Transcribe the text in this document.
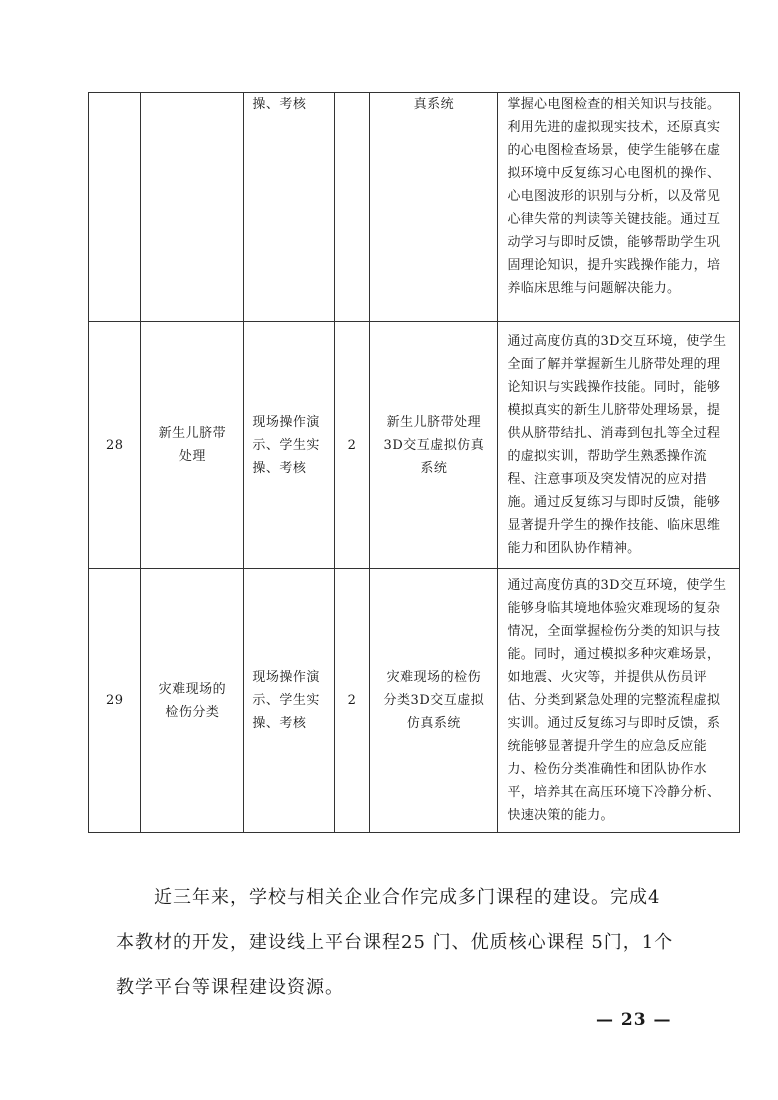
		操、考核		真系统	掌握心电图检查的相关知识与技能。利用先进的虚拟现实技术，还原真实的心电图检查场景，使学生能够在虚拟环境中反复练习心电图机的操作、心电图波形的识别与分析，以及常见心律失常的判读等关键技能。通过互动学习与即时反馈，能够帮助学生巩固理论知识，提升实践操作能力，培养临床思维与问题解决能力。

28	新生儿脐带处理	现场操作演示、学生实操、考核	2	新生儿脐带处理3D交互虚拟仿真系统	通过高度仿真的3D交互环境，使学生全面了解并掌握新生儿脐带处理的理论知识与实践操作技能。同时，能够模拟真实的新生儿脐带处理场景，提供从脐带结扎、消毒到包扎等全过程的虚拟实训，帮助学生熟悉操作流程、注意事项及突发情况的应对措施。通过反复练习与即时反馈，能够显著提升学生的操作技能、临床思维能力和团队协作精神。

29	灾难现场的检伤分类	现场操作演示、学生实操、考核	2	灾难现场的检伤分类3D交互虚拟仿真系统	通过高度仿真的3D交互环境，使学生能够身临其境地体验灾难现场的复杂情况，全面掌握检伤分类的知识与技能。同时，通过模拟多种灾难场景，如地震、火灾等，并提供从伤员评估、分类到紧急处理的完整流程虚拟实训。通过反复练习与即时反馈，系统能够显著提升学生的应急反应能力、检伤分类准确性和团队协作水平，培养其在高压环境下冷静分析、快速决策的能力。

近三年来，学校与相关企业合作完成多门课程的建设。完成4本教材的开发，建设线上平台课程25 门、优质核心课程 5门，1个教学平台等课程建设资源。

— 23 —
